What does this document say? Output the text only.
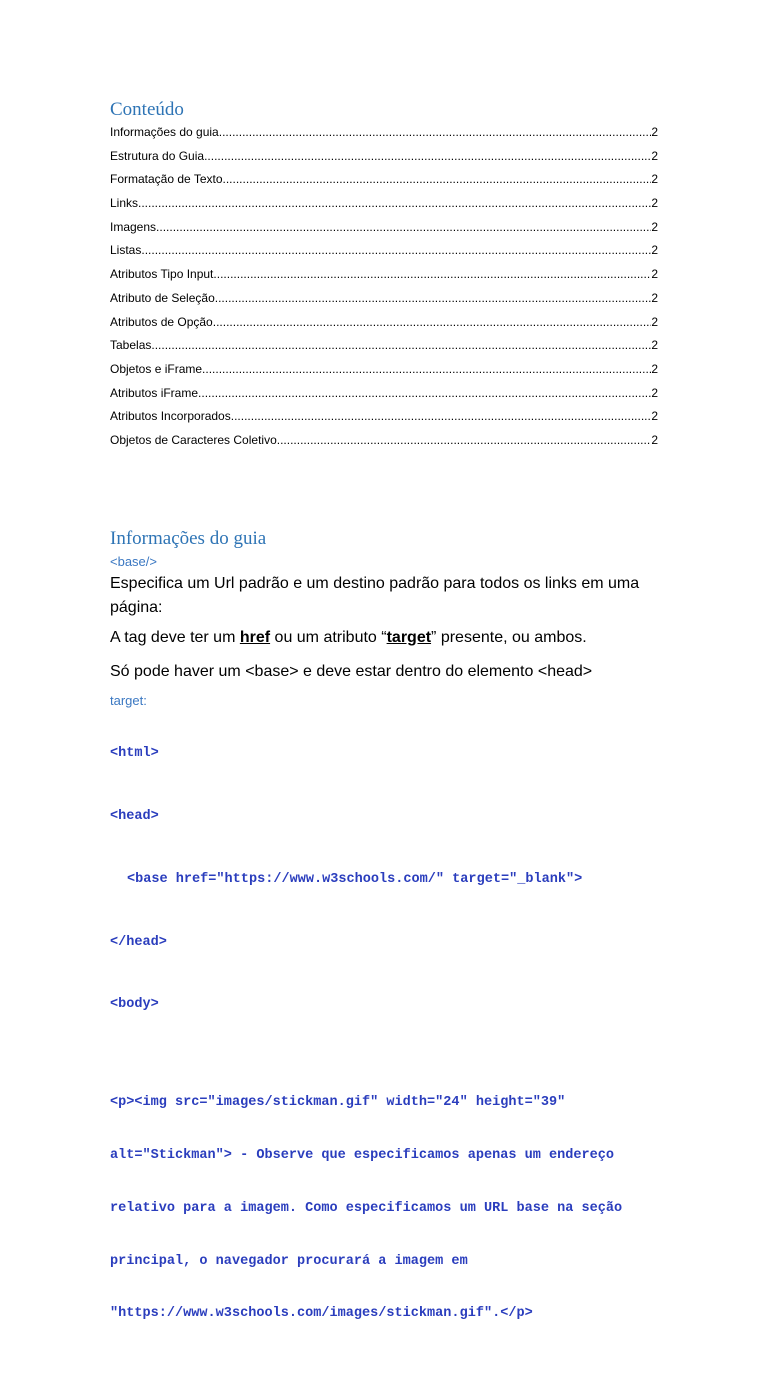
Conteúdo
Informações do guia .....	2
Estrutura do Guia .....	2
Formatação de Texto .....	2
Links .....	2
Imagens .....	2
Listas .....	2
Atributos Tipo Input .....	2
Atributo de Seleção .....	2
Atributos de Opção .....	2
Tabelas .....	2
Objetos e iFrame .....	2
Atributos iFrame .....	2
Atributos Incorporados .....	2
Objetos de Caracteres Coletivo .....	2
Informações do guia
<base/>
Especifica um Url padrão e um destino padrão para todos os links em uma
página:
A tag deve ter um href ou um atributo “target” presente, ou ambos.
Só pode haver um <base> e deve estar dentro do elemento <head>
target:

<html>

<head>

<base href="https://www.w3schools.com/" target="_blank">

</head>

<body>

<p><img src="images/stickman.gif" width="24" height="39"

alt="Stickman"> - Observe que especificamos apenas um endereço

relativo para a imagem. Como especificamos um URL base na seção

principal, o navegador procurará a imagem em

"https://www.w3schools.com/images/stickman.gif".</p>
